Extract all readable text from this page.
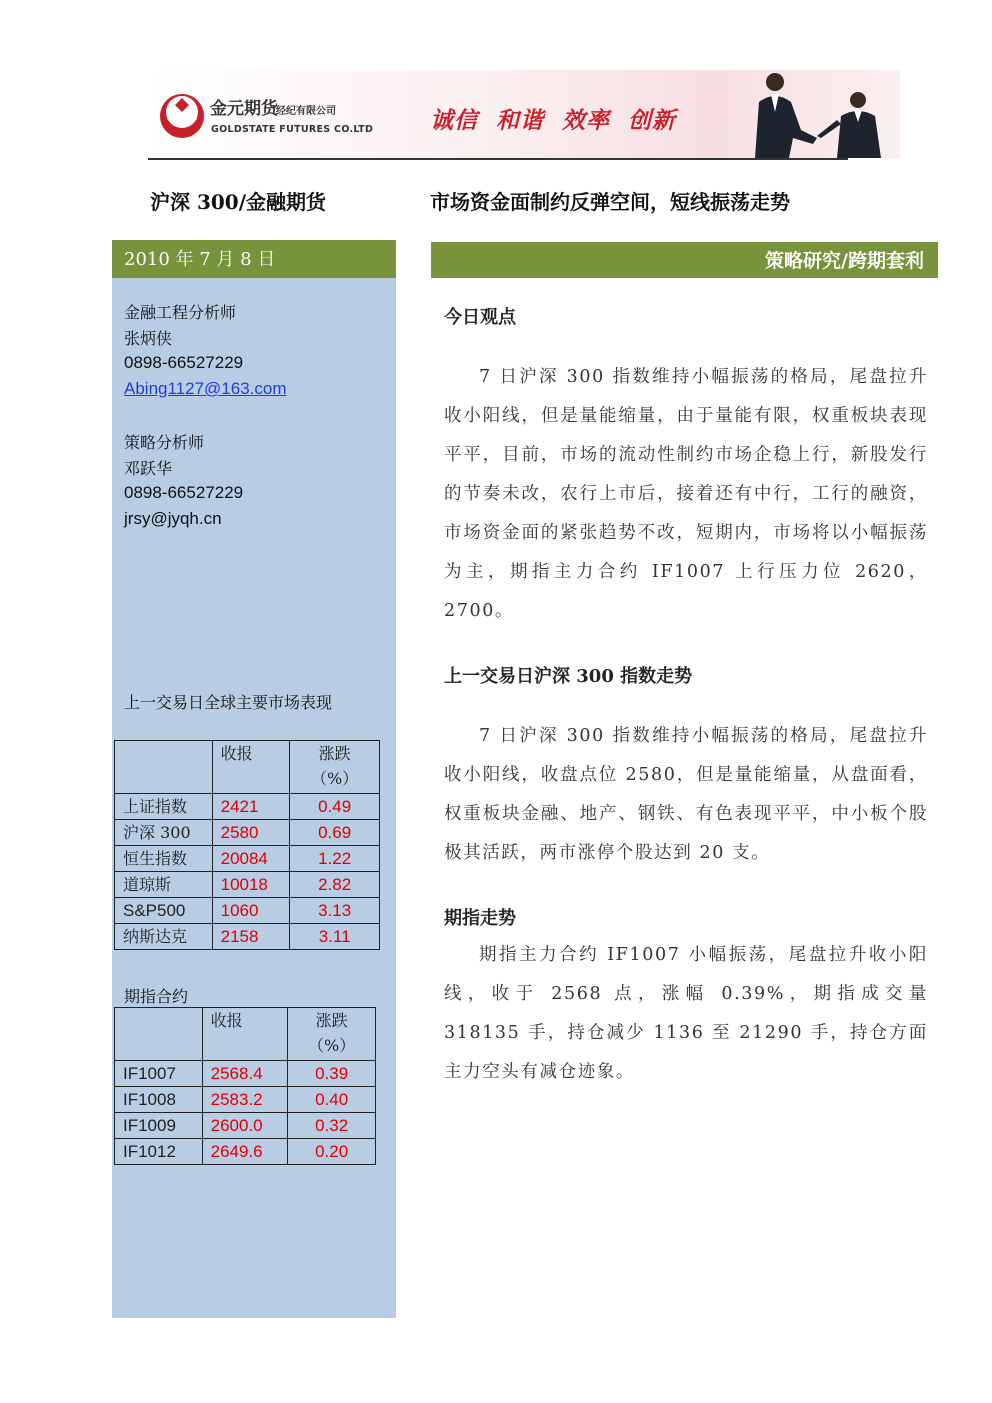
金元期货
经纪有限公司
GOLDSTATE FUTURES CO.LTD 诚信  和谐  效率  创新
沪深 300/金融期货	市场资金面制约反弹空间，短线振荡走势
2010 年 7 月 8 日
金融工程分析师
张炳侠
0898-66527229
Abing1127@163.com
策略分析师
邓跃华
0898-66527229
jrsy@jyqh.cn
上一交易日全球主要市场表现
	收报	涨跌（%）
上证指数	2421	0.49
沪深 300	2580	0.69
恒生指数	20084	1.22
道琼斯	10018	2.82
S&P500	1060	3.13
纳斯达克	2158	3.11
期指合约
	收报	涨跌（%）
IF1007	2568.4	0.39
IF1008	2583.2	0.40
IF1009	2600.0	0.32
IF1012	2649.6	0.20
策略研究/跨期套利
今日观点

7 日沪深 300 指数维持小幅振荡的格局，尾盘拉升收小阳线，但是量能缩量，由于量能有限，权重板块表现平平，目前，市场的流动性制约市场企稳上行，新股发行的节奏未改，农行上市后，接着还有中行，工行的融资，市场资金面的紧张趋势不改，短期内，市场将以小幅振荡为主，期指主力合约 IF1007 上行压力位 2620，2700。

上一交易日沪深 300 指数走势

7 日沪深 300 指数维持小幅振荡的格局，尾盘拉升收小阳线，收盘点位 2580，但是量能缩量，从盘面看，权重板块金融、地产、钢铁、有色表现平平，中小板个股极其活跃，两市涨停个股达到 20 支。

期指走势

期指主力合约 IF1007 小幅振荡，尾盘拉升收小阳线，收于 2568 点，涨幅 0.39%，期指成交量 318135 手，持仓减少 1136 至 21290 手，持仓方面主力空头有减仓迹象。
